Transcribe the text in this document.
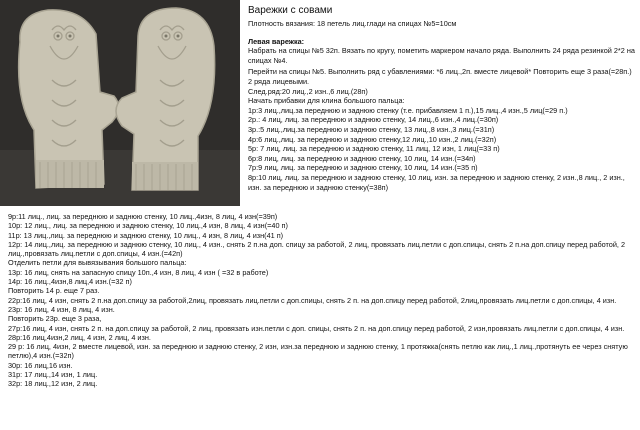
Варежки с совами

Плотность вязания: 18 петель лиц.глади на спицах №5=10см

Левая варежка:

Набрать на спицы №5 32п. Вязать по кругу, пометить маркером начало ряда. Выполнить 24 ряда резинкой 2*2 на спицах №4.

Перейти на спицы №5. Выполнить ряд с убавлениями: *6 лиц.,2п. вместе лицевой* Повторить еще 3 раза(=28п.)

2 ряда лицевыми.

След.ряд:20 лиц.,2 изн.,6 лиц.(28п)

Начать прибавки для клина большого пальца:

1р:3 лиц.,лиц.за переднюю и заднюю стенку (т.е. прибавляем 1 п.),15 лиц.,4 изн.,5 лиц(=29 п.)

2р.: 4 лиц, лиц. за переднюю и заднюю стенку, 14 лиц.,6 изн.,4 лиц.(=30п)

3р.:5 лиц.,лиц.за переднюю и заднюю стенку, 13 лиц.,8 изн.,3 лиц.(=31п)

4р:6 лиц.,лиц. за переднюю и заднюю стенку,12 лиц.,10 изн.,2 лиц.(=32п)

5р: 7 лиц, лиц. за переднюю и заднюю стенку, 11 лиц, 12 изн, 1 лиц(=33 п)

6р:8 лиц, лиц. за переднюю и заднюю стенку, 10 лиц, 14 изн.(=34п)

7р:9 лиц, лиц. за переднюю и заднюю стенку, 10 лиц, 14 изн.(=35 п)

8р:10 лиц, лиц. за переднюю и заднюю стенку, 10 лиц, изн. за переднюю и заднюю стенку, 2 изн.,8 лиц., 2 изн., изн. за переднюю и заднюю стенку(=38п)

9р:11 лиц., лиц. за переднюю и заднюю стенку, 10 лиц.,4изн, 8 лиц, 4 изн(=39п)

10р: 12 лиц., лиц. за переднюю и заднюю стенку, 10 лиц.,4 изн, 8 лиц, 4 изн(=40 п)

11р: 13 лиц.,лиц. за переднюю и заднюю стенку, 10 лиц., 4 изн, 8 лиц, 4 изн(41 п)

12р: 14 лиц.,лиц. за переднюю и заднюю стенку, 10 лиц., 4 изн., снять 2 п.на доп. спицу за работой, 2 лиц, провязать лиц.петли с доп.спицы, снять 2 п.на доп.спицу перед работой, 2 лиц.,провязать лиц.петли с доп.спицы, 4 изн.(=42п)

Отделить петли для вывязывания большого пальца:

13р: 16 лиц, снять на запасную спицу 10п.,4 изн, 8 лиц, 4 изн ( =32 в работе)

14р: 16 лиц.,4изн,8 лиц,4 изн.(=32 п)

Повторить 14 р. еще 7 раз.

22р:16 лиц, 4 изн, снять 2 п.на доп.спицу за работой,2лиц, провязать лиц.петли с доп.спицы, снять 2 п. на доп.спицу перед работой, 2лиц,провязать лиц.петли с доп.спицы, 4 изн.

23р: 16 лиц, 4 изн, 8 лиц, 4 изн.

Повторить 23р. еще 3 раза,

27р:16 лиц, 4 изн, снять 2 п. на доп.спицу за работой, 2 лиц, провязать изн.петли с доп. спицы, снять 2 п. на доп.спицу перед работой, 2 изн,провязать лиц.петли с доп.спицы, 4 изн.

28р:16 лиц,4изн,2 лиц, 4 изн, 2 лиц, 4 изн.

29 р: 16 лиц, 4изн, 2 вместе лицевой, изн. за переднюю и заднюю стенку, 2 изн, изн.за переднюю и заднюю стенку, 1 протяжка(снять петлю как лиц.,1 лиц.,протянуть ее через снятую петлю),4 изн.(=32п)

30р: 16 лиц,16 изн.

31р: 17 лиц.,14 изн, 1 лиц.

32р: 18 лиц.,12 изн, 2 лиц.
